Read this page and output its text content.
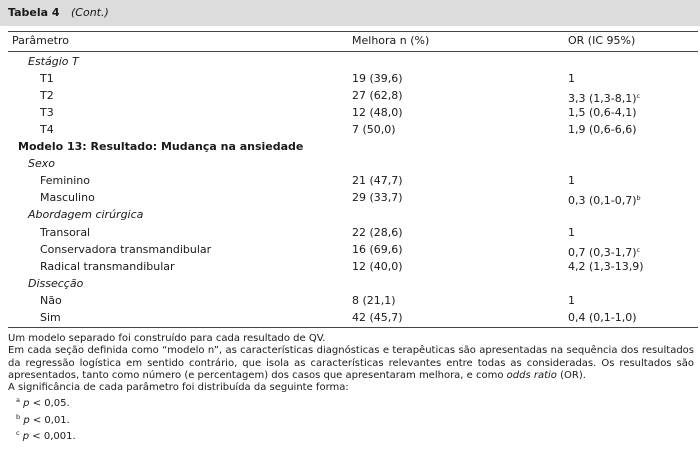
Tabela 4 (Cont.)
Parâmetro	Melhora n (%)	OR (IC 95%)
Estágio T
T1	19 (39,6)	1
T2	27 (62,8)	3,3 $(1,3-8,1)^c$
T3	12 (48,0)	1,5 (0,6-4,1)
T4	7 (50,0)	1,9 (0,6-6,6)
Modelo 13: Resultado: Mudança na ansiedade
Sexo
Feminino	21 (47,7)	1
Masculino	29 (33,7)	0,3 $(0,1-0,7)^b$
Abordagem cirúrgica
Transoral	22 (28,6)	1
Conservadora transmandibular	16 (69,6)	0,7 $(0,3-1,7)^c$
Radical transmandibular	12 (40,0)	4,2 (1,3-13,9)
Dissecção
Não	8 (21,1)	1
Sim	42 (45,7)	0,4 (0,1-1,0)

Um modelo separado foi construído para cada resultado de QV.

Em cada seção definida como “modelo n”, as características diagnósticas e terapêuticas são apresentadas na sequência dos resultados da regressão logística em sentido contrário, que isola as características relevantes entre todas as consideradas. Os resultados são apresentados, tanto como número (e percentagem) dos casos que apresentaram melhora, e como odds ratio (OR).

A significância de cada parâmetro foi distribuída da seguinte forma:

$^a$ p < 0,05.

$^b$ p < 0,01.

$^c$ p < 0,001.
